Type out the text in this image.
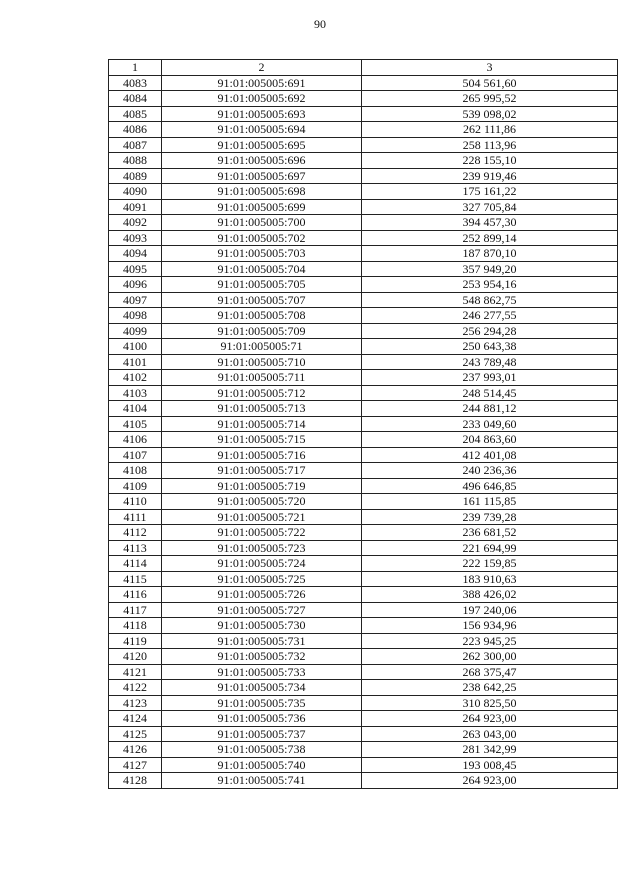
90
1	2	3
4083	91:01:005005:691	504 561,60
4084	91:01:005005:692	265 995,52
4085	91:01:005005:693	539 098,02
4086	91:01:005005:694	262 111,86
4087	91:01:005005:695	258 113,96
4088	91:01:005005:696	228 155,10
4089	91:01:005005:697	239 919,46
4090	91:01:005005:698	175 161,22
4091	91:01:005005:699	327 705,84
4092	91:01:005005:700	394 457,30
4093	91:01:005005:702	252 899,14
4094	91:01:005005:703	187 870,10
4095	91:01:005005:704	357 949,20
4096	91:01:005005:705	253 954,16
4097	91:01:005005:707	548 862,75
4098	91:01:005005:708	246 277,55
4099	91:01:005005:709	256 294,28
4100	91:01:005005:71	250 643,38
4101	91:01:005005:710	243 789,48
4102	91:01:005005:711	237 993,01
4103	91:01:005005:712	248 514,45
4104	91:01:005005:713	244 881,12
4105	91:01:005005:714	233 049,60
4106	91:01:005005:715	204 863,60
4107	91:01:005005:716	412 401,08
4108	91:01:005005:717	240 236,36
4109	91:01:005005:719	496 646,85
4110	91:01:005005:720	161 115,85
4111	91:01:005005:721	239 739,28
4112	91:01:005005:722	236 681,52
4113	91:01:005005:723	221 694,99
4114	91:01:005005:724	222 159,85
4115	91:01:005005:725	183 910,63
4116	91:01:005005:726	388 426,02
4117	91:01:005005:727	197 240,06
4118	91:01:005005:730	156 934,96
4119	91:01:005005:731	223 945,25
4120	91:01:005005:732	262 300,00
4121	91:01:005005:733	268 375,47
4122	91:01:005005:734	238 642,25
4123	91:01:005005:735	310 825,50
4124	91:01:005005:736	264 923,00
4125	91:01:005005:737	263 043,00
4126	91:01:005005:738	281 342,99
4127	91:01:005005:740	193 008,45
4128	91:01:005005:741	264 923,00
